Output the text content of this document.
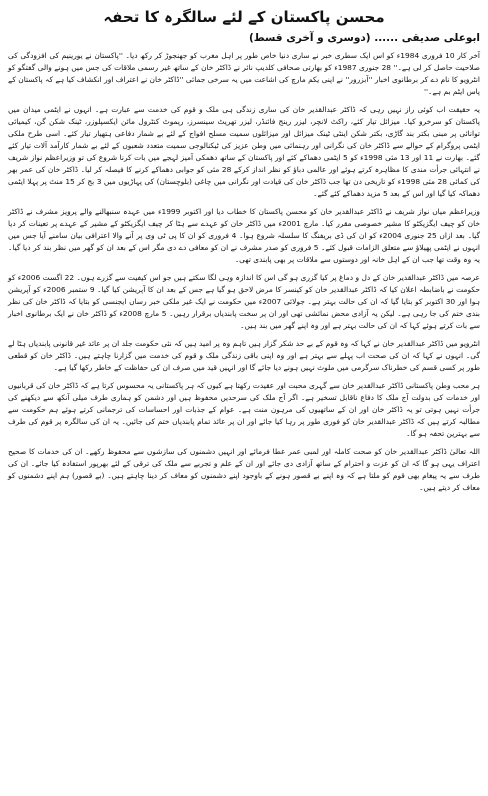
محسن پاکستان کے لئے سالگرہ کا تحفہ
ابوعلی صدیقی ...... (دوسری و آخری قسط)

آخر کار 10 فروری 1984ء کو اس ایک سطری خبر نے ساری دنیا خاص طور پر اہل مغرب کو جھنجوڑ کر رکھ دیا۔ ''پاکستان نے یورینیم کی افزودگی کی صلاحیت حاصل کر لی ہے۔'' 28 جنوری 1987ء کو بھارتی صحافی کلدیپ نائر نے ڈاکٹر خان کے ساتھ غیر رسمی ملاقات کی جس میں ہونے والی گفتگو کو انٹرویو کا نام دے کر برطانوی اخبار ''آبزرور'' نے اپنی یکم مارچ کی اشاعت میں یہ سرخی جمائی ''ڈاکٹر خان نے اعتراف اور انکشاف کیا ہے کہ پاکستان کے پاس ایٹم بم ہے۔''

یہ حقیقت اب کوئی راز نہیں رہی کہ ڈاکٹر عبدالقدیر خان کی ساری زندگی ہی ملک و قوم کی خدمت سے عبارت ہے۔ انہوں نے ایٹمی میدان میں پاکستان کو سرخرو کیا۔ میزائل تیار کئے، راکٹ لانچر، لیزر رینج فائنڈر، لیزر تھریٹ سینسرز، ریموٹ کنٹرول مائن ایکسپلوزر، ٹینک شکن گن، کیمیائی توانائی پر مبنی بکتر بند گاڑی، بکتر شکن اینٹی ٹینک میزائل اور میزائلوں سمیت مسلح افواج کے لئے بے شمار دفاعی ہتھیار تیار کئے۔ اسی طرح ملکی ایٹمی پروگرام کے حوالے سے ڈاکٹر خان کی نگرانی اور رہنمائی میں وطن عزیز کی ٹیکنالوجی سمیت متعدد شعبوں کے لئے بے شمار کارآمد آلات تیار کئے گئے۔ بھارت نے 11 اور 13 مئی 1998ء کو 5 ایٹمی دھماکے کئے اور پاکستان کے ساتھ دھمکی آمیز لہجے میں بات کرنا شروع کی تو وزیراعظم نواز شریف نے انتہائی جرأت مندی کا مظاہرہ کرتے ہوئے اور عالمی دباؤ کو نظر انداز کرکے 28 مئی کو جوابی دھماکے کرنے کا فیصلہ کر لیا۔ ڈاکٹر خان کی عمر بھر کی کمائی 28 مئی 1998ء کو تاریخی دن تھا جب ڈاکٹر خان کی قیادت اور نگرانی میں چاغی (بلوچستان) کی پہاڑیوں میں 3 بج کر 15 منٹ پر پہلا ایٹمی دھماکہ کیا گیا اور اس کے بعد 5 مزید دھماکے کئے گئے۔

وزیراعظم میاں نواز شریف نے ڈاکٹر عبدالقدیر خان کو محسن پاکستان کا خطاب دیا اور اکتوبر 1999ء میں عہدہ سنبھالنے والے پرویز مشرف نے ڈاکٹر خان کو چیف ایگزیکٹو کا مشیر خصوصی مقرر کیا۔ مارچ 2001ء میں ڈاکٹر خان کو عہدے سے ہٹا کر چیف ایگزیکٹو کے مشیر کے عہدے پر تعینات کر دیا گیا۔ بعد ازاں 25 جنوری 2004ء کو ان کی ڈی بریفنگ کا سلسلہ شروع ہوا۔ 4 فروری کو ان کا پی ٹی وی پر آنے والا اعترافی بیان سامنے آیا جس میں انہوں نے ایٹمی پھیلاؤ سے متعلق الزامات قبول کئے۔ 5 فروری کو صدر مشرف نے ان کو معافی دے دی مگر اس کے بعد ان کو گھر میں نظر بند کر دیا گیا۔ یہ وہ وقت تھا جب ان کے اہل خانہ اور دوستوں سے ملاقات پر بھی پابندی تھی۔

عرصہ میں ڈاکٹر عبدالقدیر خان کے دل و دماغ پر کیا گزری ہو گی اس کا اندازہ وہی لگا سکتے ہیں جو اس کیفیت سے گزرے ہوں۔ 22 اگست 2006ء کو حکومت نے باضابطہ اعلان کیا کہ ڈاکٹر عبدالقدیر خان کو کینسر کا مرض لاحق ہو گیا ہے جس کے بعد ان کا آپریشن کیا گیا۔ 9 ستمبر 2006ء کو آپریشن ہوا اور 30 اکتوبر کو بتایا گیا کہ ان کی حالت بہتر ہے۔ جولائی 2007ء میں حکومت نے ایک غیر ملکی خبر رساں ایجنسی کو بتایا کہ ڈاکٹر خان کی نظر بندی ختم کی جا رہی ہے۔ لیکن یہ آزادی محض نمائشی تھی اور ان پر سخت پابندیاں برقرار رہیں۔ 5 مارچ 2008ء کو ڈاکٹر خان نے ایک برطانوی اخبار سے بات کرتے ہوئے کہا کہ ان کی حالت بہتر ہے اور وہ اپنے گھر میں بند ہیں۔

انٹرویو میں ڈاکٹر عبدالقدیر خان نے کہا کہ وہ قوم کے بے حد شکر گزار ہیں تاہم وہ پر امید ہیں کہ نئی حکومت جلد ان پر عائد غیر قانونی پابندیاں ہٹا لے گی۔ انہوں نے کہا کہ ان کی صحت اب پہلے سے بہتر ہے اور وہ اپنی باقی زندگی ملک و قوم کی خدمت میں گزارنا چاہتے ہیں۔ ڈاکٹر خان کو قطعی طور پر کسی قسم کی خطرناک سرگرمی میں ملوث نہیں ہونے دیا جائے گا اور انہیں قید میں صرف ان کی حفاظت کے خاطر رکھا گیا ہے۔

ہر محب وطن پاکستانی ڈاکٹر عبدالقدیر خان سے گہری محبت اور عقیدت رکھتا ہے کیوں کہ ہر پاکستانی یہ محسوس کرتا ہے کہ ڈاکٹر خان کی قربانیوں اور خدمات کی بدولت آج ملک کا دفاع ناقابل تسخیر ہے۔ اگر آج ملک کی سرحدیں محفوظ ہیں اور دشمن کو ہماری طرف میلی آنکھ سے دیکھنے کی جرأت نہیں ہوتی تو یہ ڈاکٹر خان اور ان کے ساتھیوں کی مرہون منت ہے۔ عوام کے جذبات اور احساسات کی ترجمانی کرتے ہوئے ہم حکومت سے مطالبہ کرتے ہیں کہ ڈاکٹر عبدالقدیر خان کو فوری طور پر رہا کیا جائے اور ان پر عائد تمام پابندیاں ختم کی جائیں۔ یہ ان کی سالگرہ پر قوم کی طرف سے بہترین تحفہ ہو گا۔

اللہ تعالیٰ ڈاکٹر عبدالقدیر خان کو صحت کاملہ اور لمبی عمر عطا فرمائے اور انہیں دشمنوں کی سازشوں سے محفوظ رکھے۔ ان کی خدمات کا صحیح اعتراف یہی ہو گا کہ ان کو عزت و احترام کے ساتھ آزادی دی جائے اور ان کے علم و تجربے سے ملک کی ترقی کے لئے بھرپور استفادہ کیا جائے۔ ان کی طرف سے یہ پیغام بھی قوم کو ملتا ہے کہ وہ اپنے بے قصور ہونے کے باوجود اپنے دشمنوں کو معاف کر دینا چاہتے ہیں۔ (بے قصور) ہم اپنے دشمنوں کو معاف کر دیتے ہیں۔
